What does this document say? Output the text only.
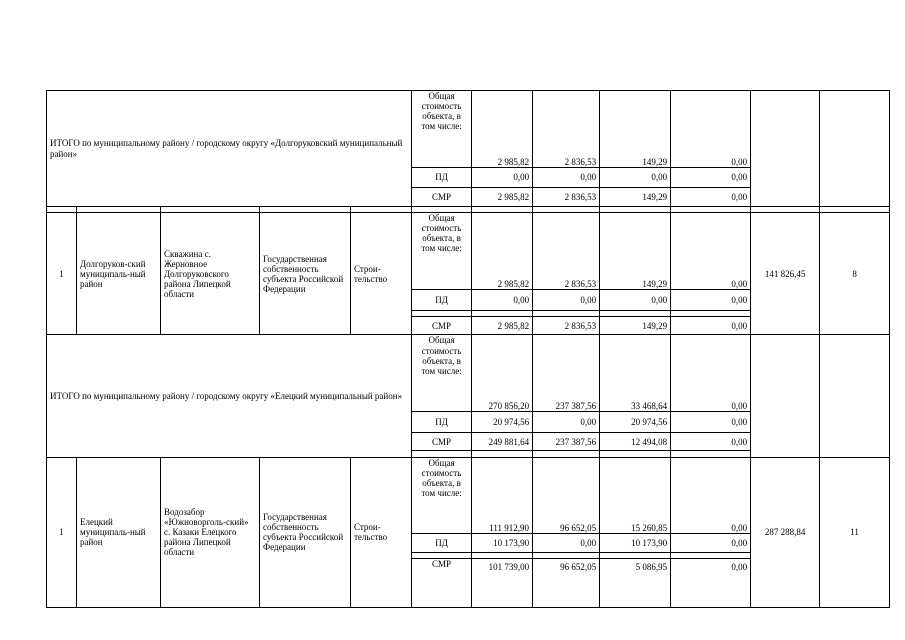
ИТОГО по муниципальному району / городскому округу «Долгоруковский муниципальный район»					Общая стоимость объекта, в том числе:	2 985,82	2 836,53	149,29	0,00		
					ПД	0,00	0,00	0,00	0,00		
					СМР	2 985,82	2 836,53	149,29	0,00		

1	Долгоруков-ский муниципаль-ный район	Скважина с. Жерновное Долгоруковского района Липецкой области	Государственная собственность субъекта Российской Федерации	Строи-тельство	Общая стоимость объекта, в том числе:	2 985,82	2 836,53	149,29	0,00	141 826,45	8
					ПД	0,00	0,00	0,00	0,00		

					СМР	2 985,82	2 836,53	149,29	0,00		
ИТОГО по муниципальному району / городскому округу «Елецкий муниципальный район»					Общая стоимость объекта, в том числе:	270 856,20	237 387,56	33 468,64	0,00		
					ПД	20 974,56	0,00	20 974,56	0,00		
					СМР	249 881,64	237 387,56	12 494,08	0,00		

1	Елецкий муниципаль-ный район	Водозабор «Южноворголь-ский» с. Казаки Елецкого района Липецкой области	Государственная собственность субъекта Российской Федерации	Строи-тельство	Общая стоимость объекта, в том числе:	111 912,90	96 652,05	15 260,85	0,00	287 288,84	11
					ПД	10 173,90	0,00	10 173,90	0,00		

					СМР	101 739,00	96 652,05	5 086,95	0,00		
